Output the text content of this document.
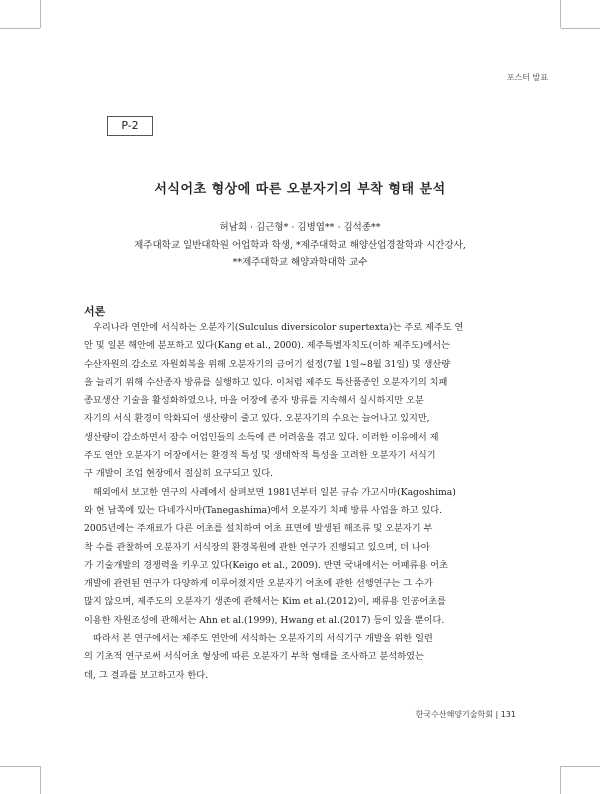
포스터 발표
P-2
서식어초 형상에 따른 오분자기의 부착 형태 분석
허남희 · 김근형* · 김병엽** · 김석종**
제주대학교 일반대학원 어업학과 학생, *제주대학교 해양산업경찰학과 시간강사,
**제주대학교 해양과학대학 교수
서론
우리나라 연안에 서식하는 오분자기(Sulculus diversicolor supertexta)는 주로 제주도 연
안 및 일본 해안에 분포하고 있다(Kang et al., 2000). 제주특별자치도(이하 제주도)에서는
수산자원의 감소로 자원회복을 위해 오분자기의 금어기 설정(7월 1일~8월 31일) 및 생산량
을 늘리기 위해 수산종자 방류를 실행하고 있다. 이처럼 제주도 특산품종인 오분자기의 치패
종묘생산 기술을 활성화하였으나, 마을 어장에 종자 방류를 지속해서 실시하지만 오분
자기의 서식 환경이 악화되어 생산량이 줄고 있다. 오분자기의 수요는 늘어나고 있지만,
생산량이 감소하면서 잠수 어업인들의 소득에 큰 어려움을 겪고 있다. 이러한 이유에서 제
주도 연안 오분자기 어장에서는 환경적 특성 및 생태학적 특성을 고려한 오분자기 서식기
구 개발이 조업 현장에서 절실히 요구되고 있다.
해외에서 보고한 연구의 사례에서 살펴보면 1981년부터 일본 규슈 가고시마(Kagoshima)
와 현 남쪽에 있는 다네가시마(Tanegashima)에서 오분자기 치패 방류 사업을 하고 있다.
2005년에는 주재료가 다른 어초를 설치하여 어초 표면에 발생된 해조류 및 오분자기 부
착 수를 관찰하여 오분자기 서식장의 환경복원에 관한 연구가 진행되고 있으며, 더 나아
가 기술개발의 경쟁력을 키우고 있다(Keigo et al., 2009). 반면 국내에서는 어패류용 어초
개발에 관련된 연구가 다양하게 이루어졌지만 오분자기 어초에 관한 선행연구는 그 수가
많지 않으며, 제주도의 오분자기 생존에 관해서는 Kim et al.(2012)이, 패류용 인공어초를
이용한 자원조성에 관해서는 Ahn et al.(1999), Hwang et al.(2017) 등이 있을 뿐이다.
따라서 본 연구에서는 제주도 연안에 서식하는 오분자기의 서식기구 개발을 위한 일련
의 기초적 연구로써 서식어초 형상에 따른 오분자기 부착 형태를 조사하고 분석하였는
데, 그 결과를 보고하고자 한다.
한국수산해양기술학회 | 131
